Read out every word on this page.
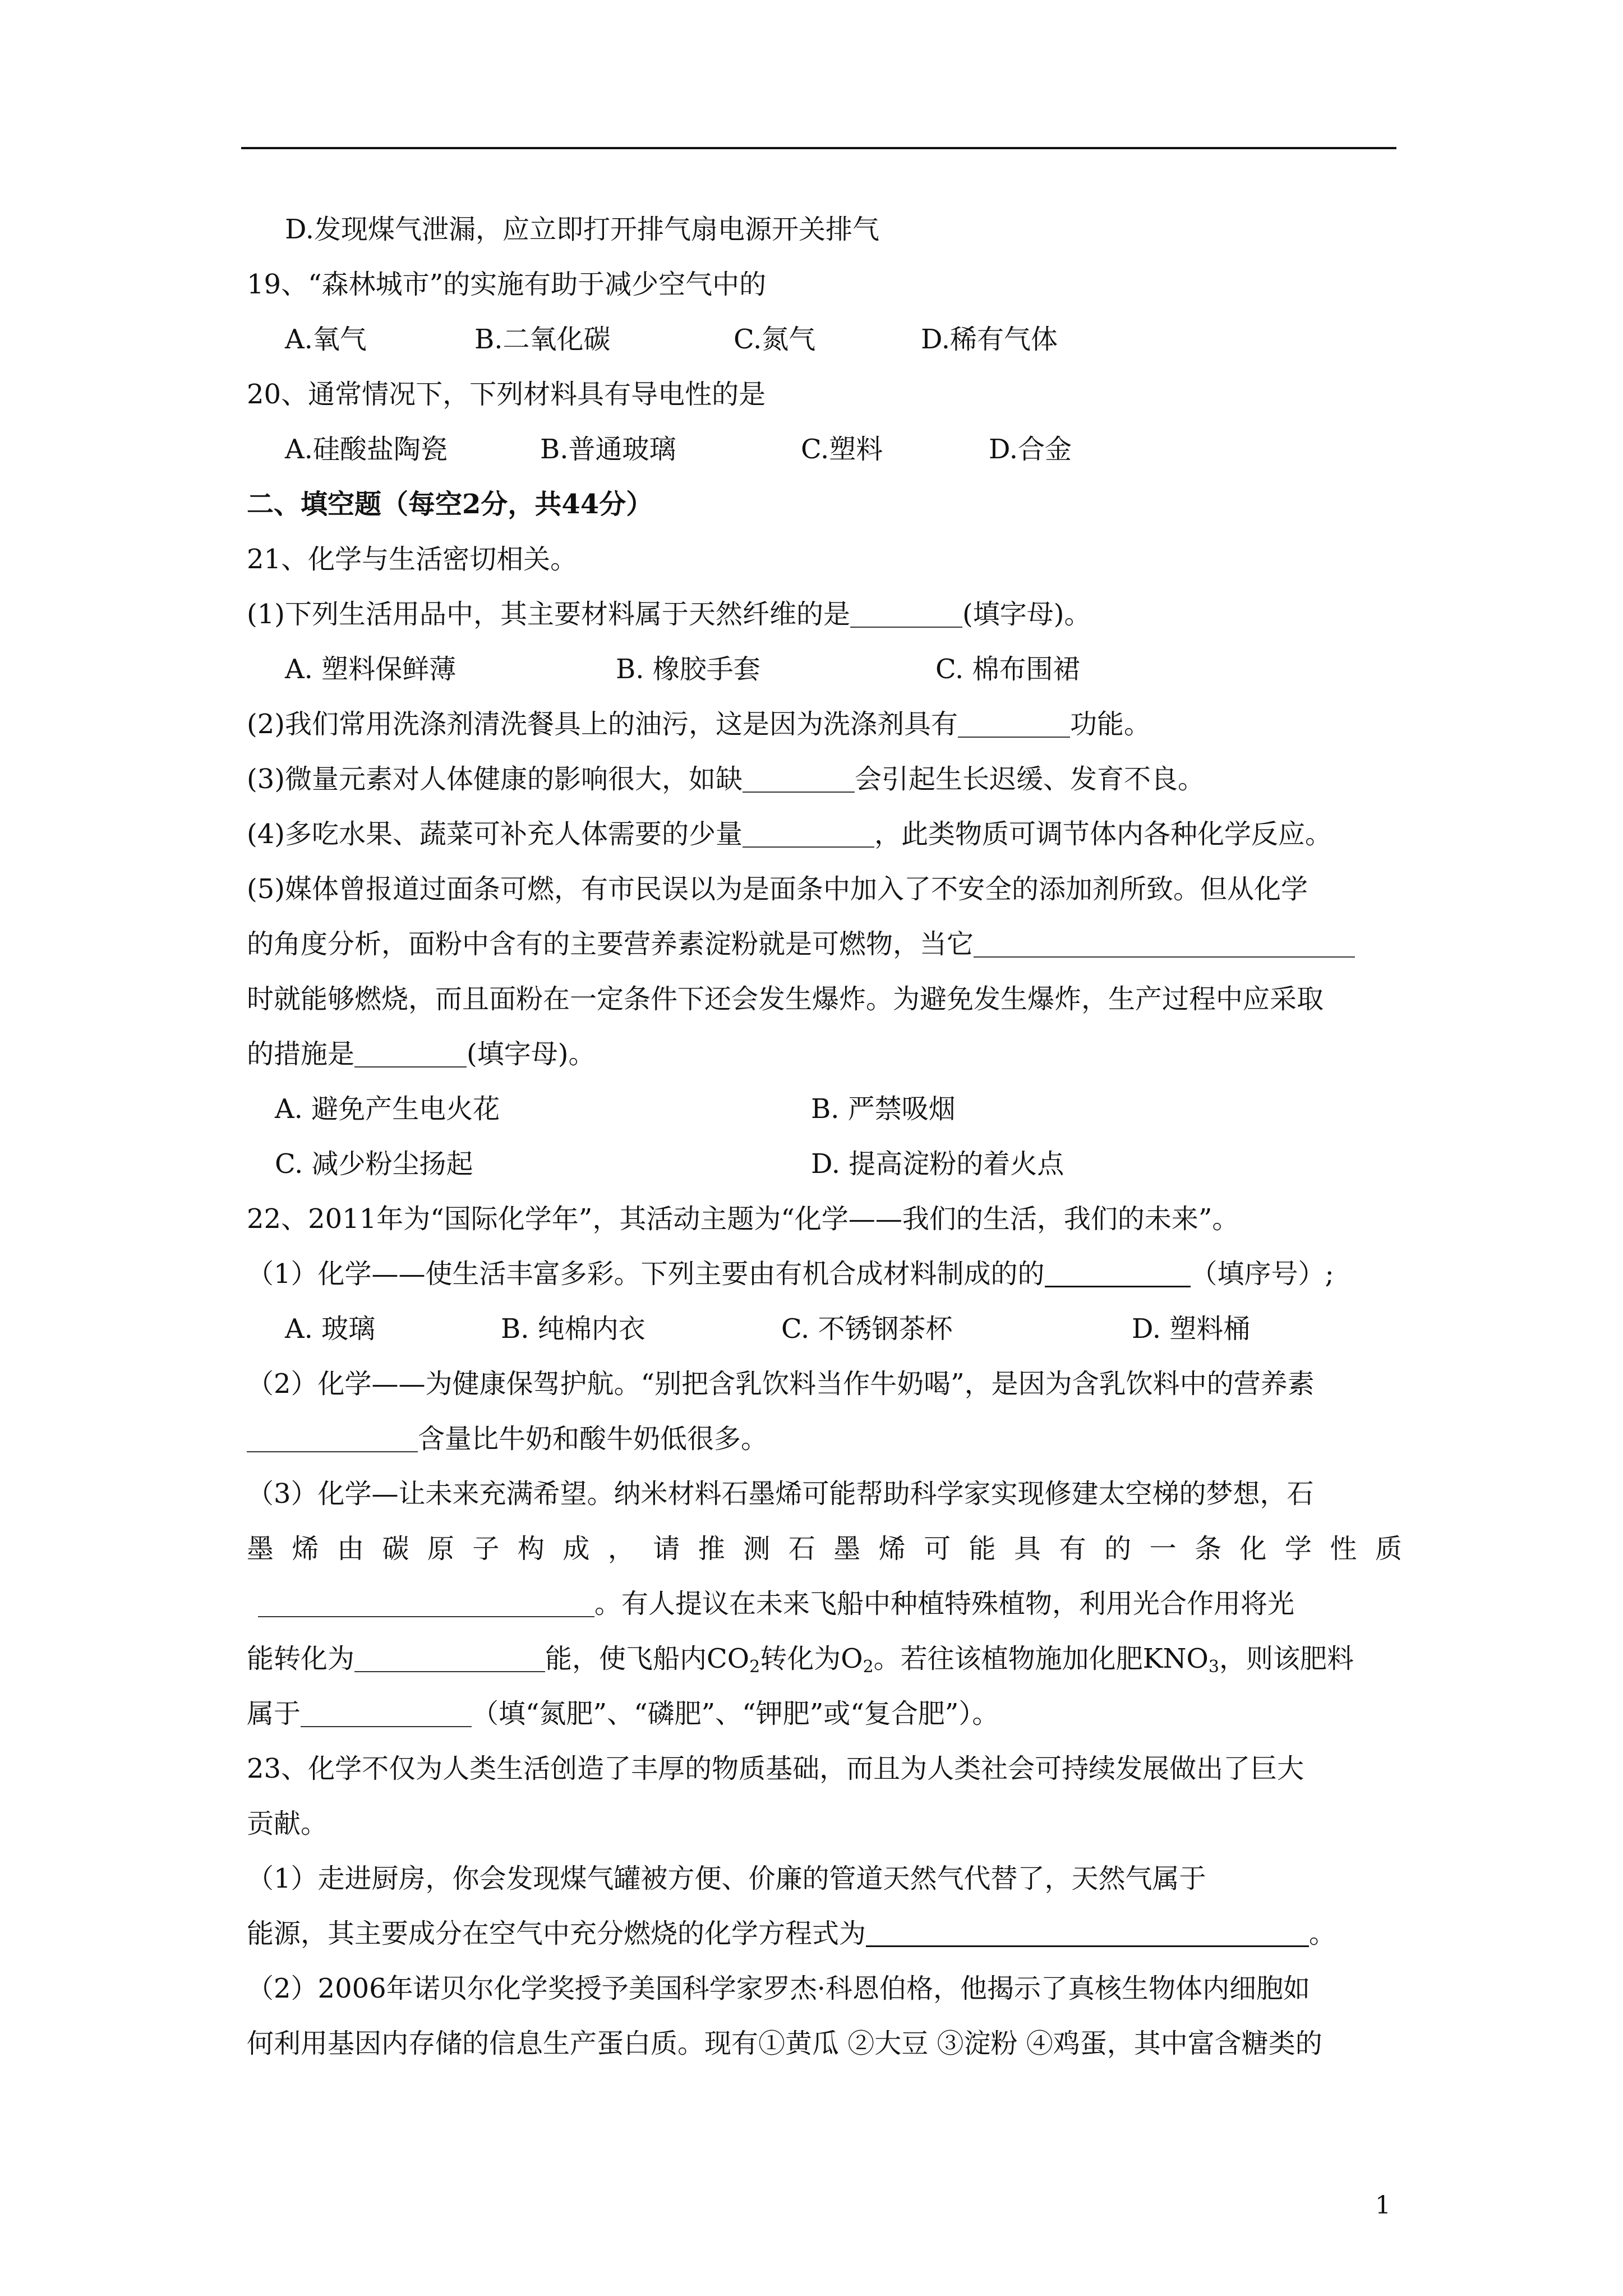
D.发现煤气泄漏，应立即打开排气扇电源开关排气
19、“森林城市”的实施有助于减少空气中的
A.氧气	B.二氧化碳	C.氮气	D.稀有气体
20、通常情况下，下列材料具有导电性的是
A.硅酸盐陶瓷	B.普通玻璃	C.塑料	D.合金
二、填空题（每空2分，共44分）
21、化学与生活密切相关。
(1)下列生活用品中，其主要材料属于天然纤维的是	(填字母)。
A. 塑料保鲜薄	B. 橡胶手套	C. 棉布围裙
(2)我们常用洗涤剂清洗餐具上的油污，这是因为洗涤剂具有	功能。
(3)微量元素对人体健康的影响很大，如缺	会引起生长迟缓、发育不良。
(4)多吃水果、蔬菜可补充人体需要的少量	，此类物质可调节体内各种化学反应。
(5)媒体曾报道过面条可燃，有市民误以为是面条中加入了不安全的添加剂所致。但从化学
的角度分析，面粉中含有的主要营养素淀粉就是可燃物，当它
时就能够燃烧，而且面粉在一定条件下还会发生爆炸。为避免发生爆炸，生产过程中应采取
的措施是	(填字母)。
A. 避免产生电火花	B. 严禁吸烟
C. 减少粉尘扬起	D. 提高淀粉的着火点
22、2011年为“国际化学年”，其活动主题为“化学——我们的生活，我们的未来”。
（1）化学——使生活丰富多彩。下列主要由有机合成材料制成的的	（填序号）;
A. 玻璃	B. 纯棉内衣	C. 不锈钢茶杯	D. 塑料桶
（2）化学——为健康保驾护航。“别把含乳饮料当作牛奶喝”，是因为含乳饮料中的营养素
含量比牛奶和酸牛奶低很多。
（3）化学—让未来充满希望。纳米材料石墨烯可能帮助科学家实现修建太空梯的梦想，石
墨烯由碳原子构成，请推测石墨烯可能具有的一条化学性质
。有人提议在未来飞船中种植特殊植物，利用光合作用将光
能转化为	能，使飞船内$CO_2$转化为$O_2$。若往该植物施加化肥$KNO_3$，则该肥料
属于	（填“氮肥”、“磷肥”、“钾肥”或“复合肥”）。
23、化学不仅为人类生活创造了丰厚的物质基础，而且为人类社会可持续发展做出了巨大
贡献。
（1）走进厨房，你会发现煤气罐被方便、价廉的管道天然气代替了，天然气属于
能源，其主要成分在空气中充分燃烧的化学方程式为	。
（2）2006年诺贝尔化学奖授予美国科学家罗杰·科恩伯格，他揭示了真核生物体内细胞如
何利用基因内存储的信息生产蛋白质。现有①黄瓜 ②大豆 ③淀粉 ④鸡蛋，其中富含糖类的
1
